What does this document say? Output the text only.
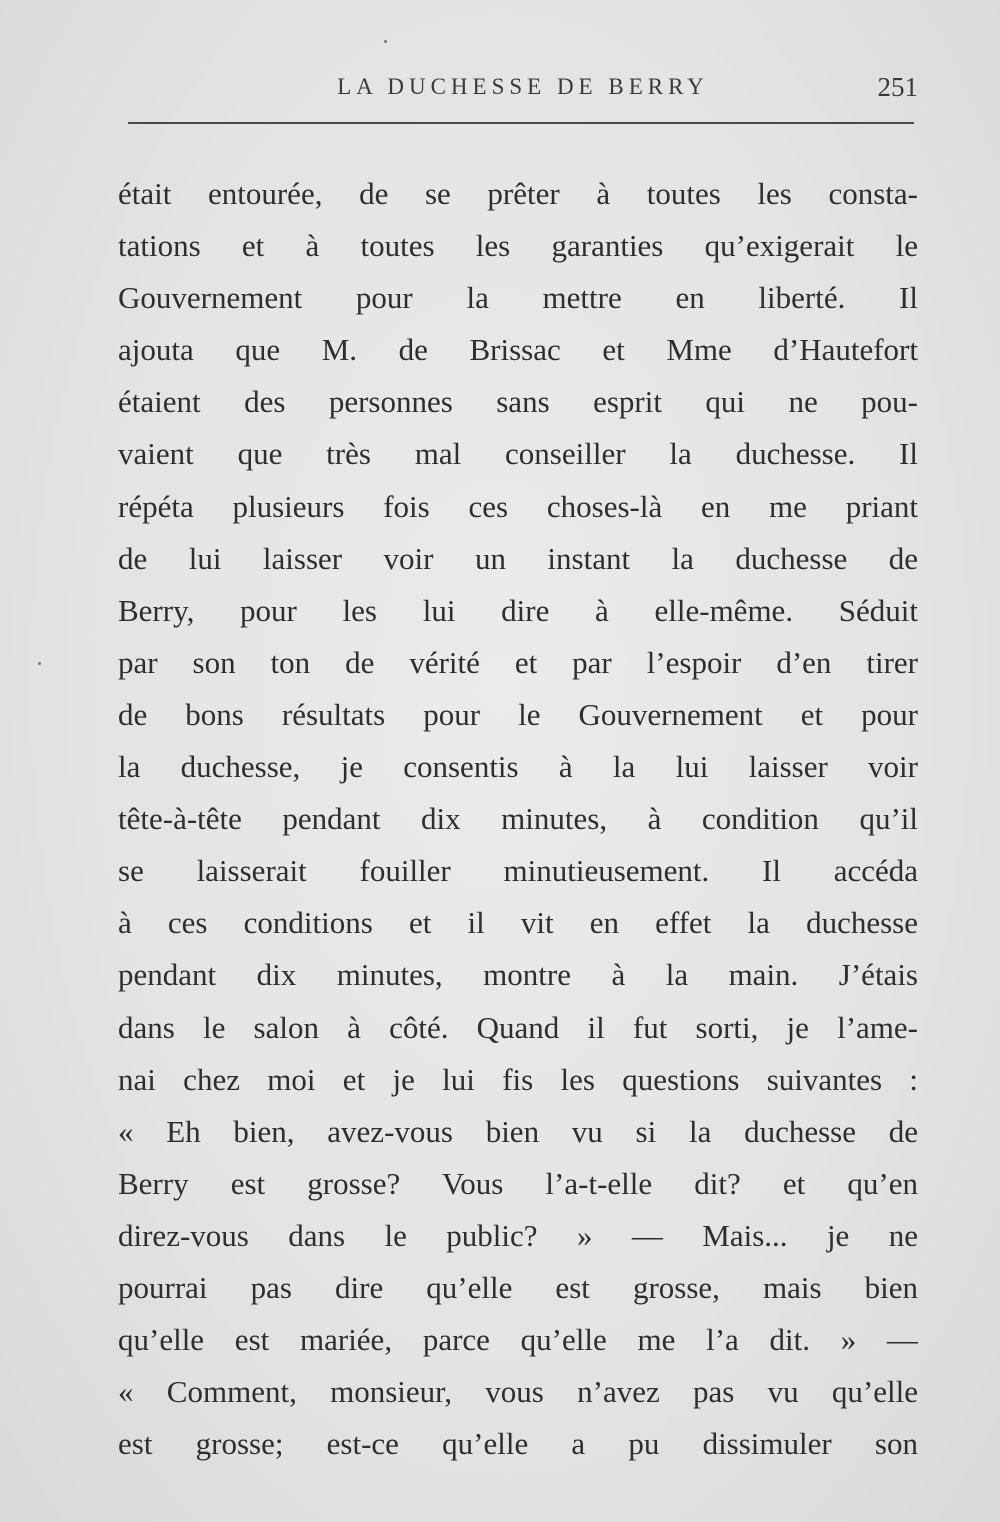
LA DUCHESSE DE BERRY	251
était entourée, de se prêter à toutes les consta-
tations et à toutes les garanties qu’exigerait le
Gouvernement pour la mettre en liberté. Il
ajouta que M. de Brissac et Mme d’Hautefort
étaient des personnes sans esprit qui ne pou-
vaient que très mal conseiller la duchesse. Il
répéta plusieurs fois ces choses-là en me priant
de lui laisser voir un instant la duchesse de
Berry, pour les lui dire à elle-même. Séduit
par son ton de vérité et par l’espoir d’en tirer
de bons résultats pour le Gouvernement et pour
la duchesse, je consentis à la lui laisser voir
tête-à-tête pendant dix minutes, à condition qu’il
se laisserait fouiller minutieusement. Il accéda
à ces conditions et il vit en effet la duchesse
pendant dix minutes, montre à la main. J’étais
dans le salon à côté. Quand il fut sorti, je l’ame-
nai chez moi et je lui fis les questions suivantes :
« Eh bien, avez-vous bien vu si la duchesse de
Berry est grosse? Vous l’a-t-elle dit? et qu’en
direz-vous dans le public? » — Mais... je ne
pourrai pas dire qu’elle est grosse, mais bien
qu’elle est mariée, parce qu’elle me l’a dit. » —
« Comment, monsieur, vous n’avez pas vu qu’elle
est grosse; est-ce qu’elle a pu dissimuler son
